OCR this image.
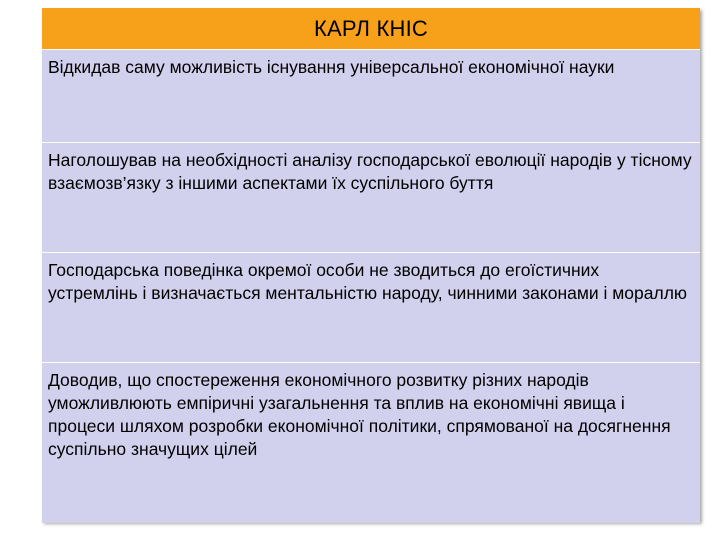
КАРЛ КНІС

Відкидав саму можливість існування універсальної економічної науки

Наголошував на необхідності аналізу господарської еволюції народів у тісному взаємозв’язку з іншими аспектами їх суспільного буття

Господарська поведінка окремої особи не зводиться до егоїстичних устремлінь і визначається ментальністю народу, чинними законами і мораллю

Доводив, що спостереження економічного розвитку різних народів уможливлюють емпіричні узагальнення та вплив на економічні явища і процеси шляхом розробки економічної політики, спрямованої на досягнення суспільно значущих цілей
